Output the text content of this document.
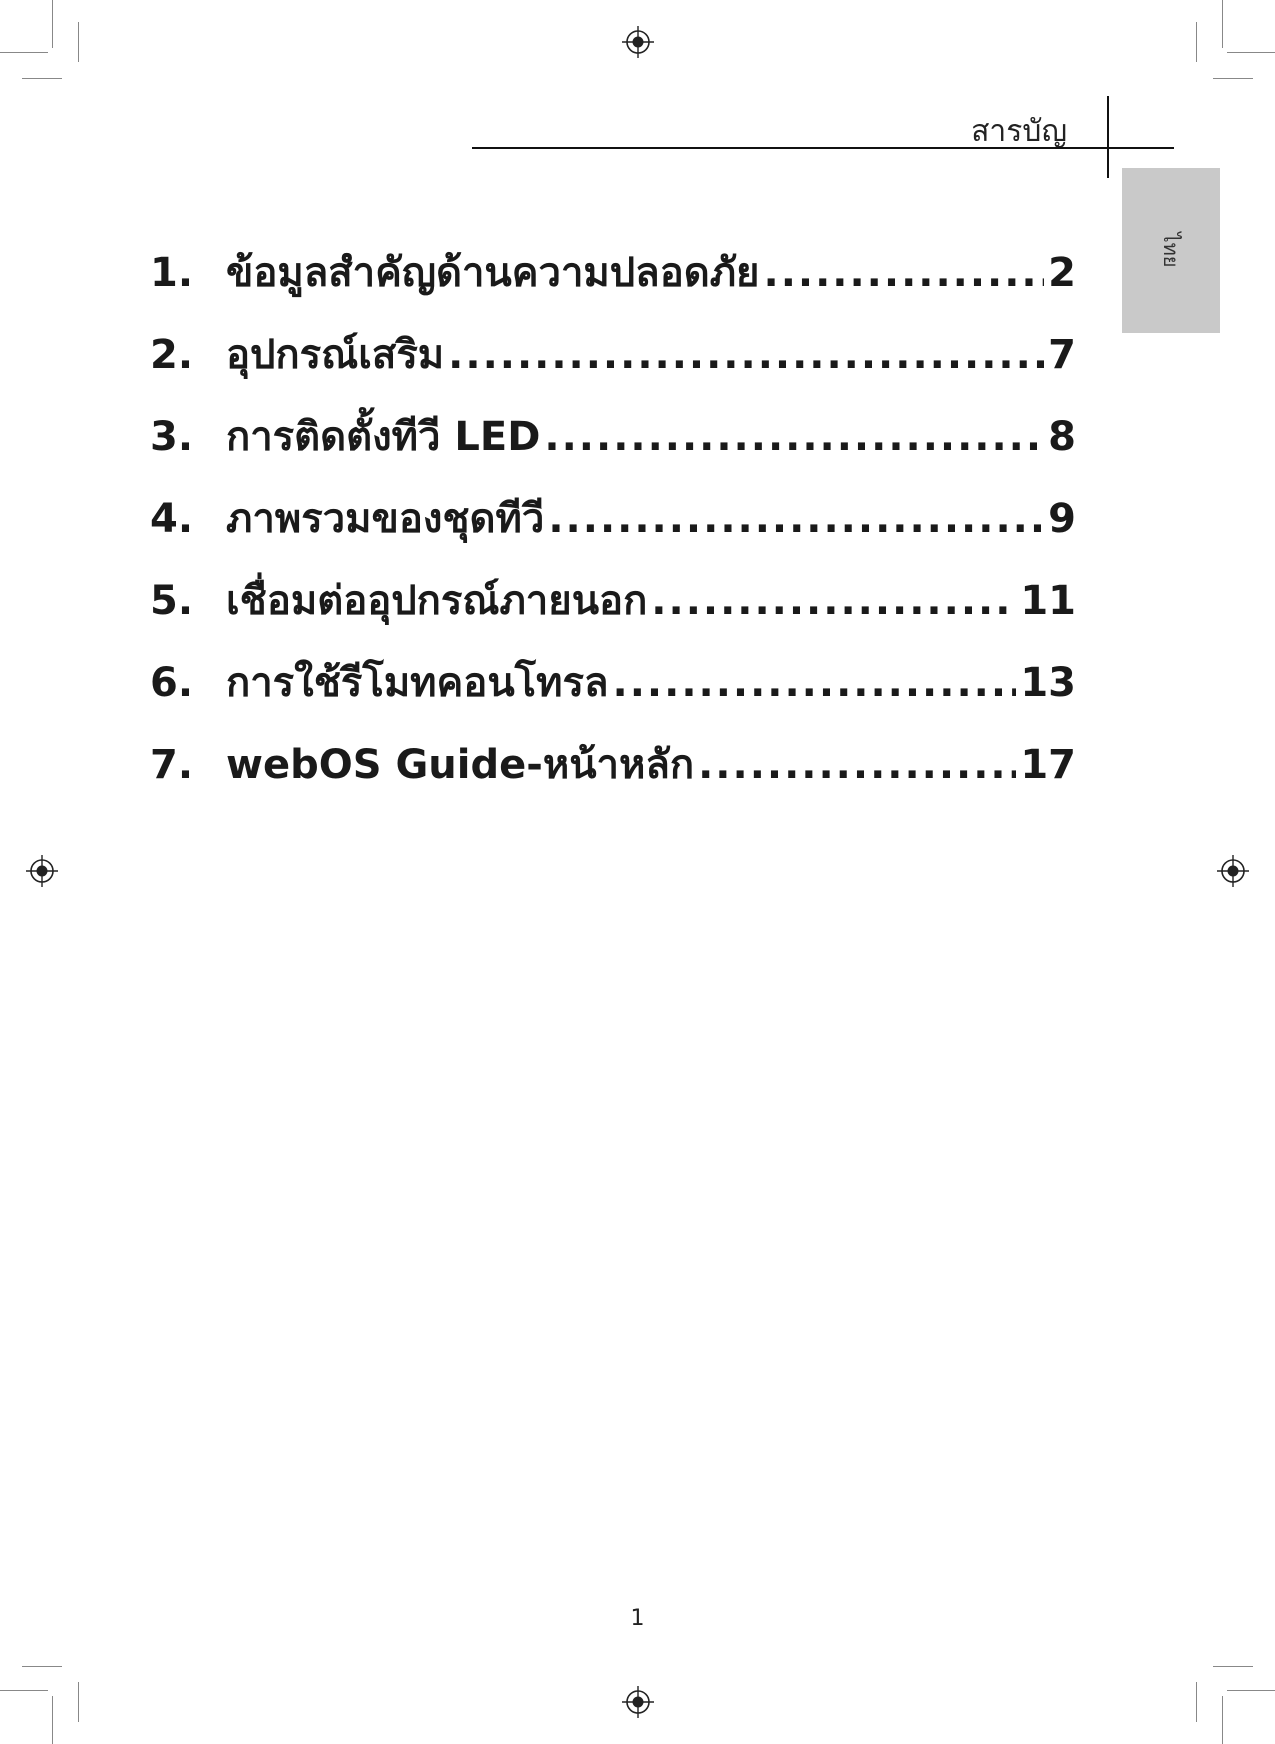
สารบัญ
ไทย
1. ข้อมูลสำคัญด้านความปลอดภัย .....	2
2. อุปกรณ์เสริม .....	7
3. การติดตั้งทีวี LED .....	8
4. ภาพรวมของชุดทีวี .....	9
5. เชื่อมต่ออุปกรณ์ภายนอก .....	11
6. การใช้รีโมทคอนโทรล .....	13
7. webOS Guide-หน้าหลัก .....	17
1
